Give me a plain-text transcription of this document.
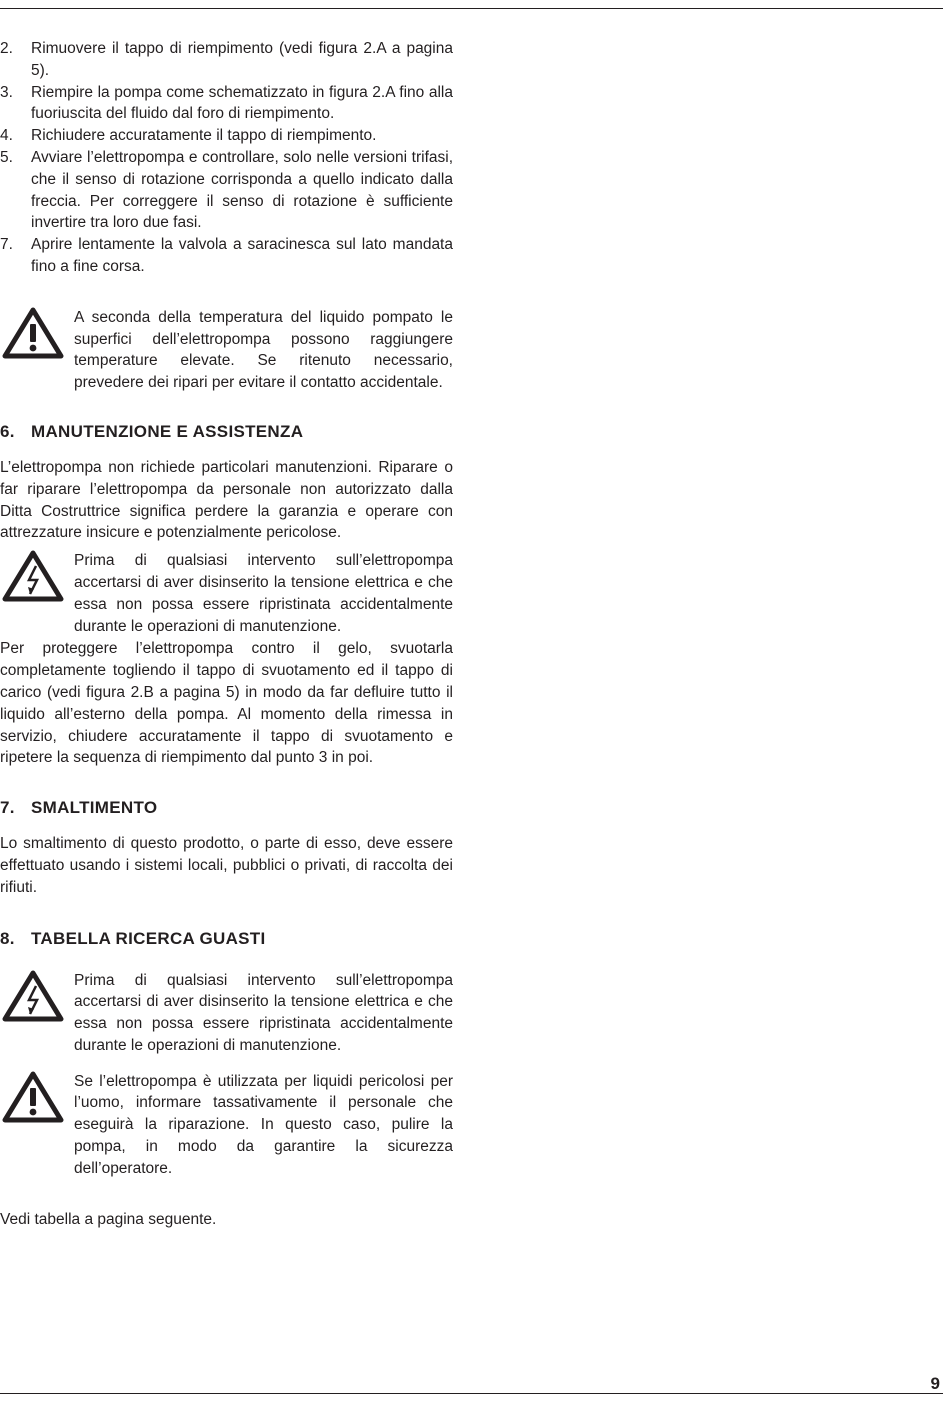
2.	Rimuovere il tappo di riempimento (vedi figura 2.A a pagina 5).
3.	Riempire la pompa come schematizzato in figura 2.A fino alla fuoriuscita del fluido dal foro di riempimento.
4.	Richiudere accuratamente il tappo di riempimento.
5.	Avviare l’elettropompa e controllare, solo nelle versioni trifasi, che il senso di rotazione corrisponda a quello indicato dalla freccia. Per correggere il senso di rotazione è sufficiente invertire tra loro due fasi.
7.	Aprire lentamente la valvola a saracinesca sul lato mandata fino a fine corsa.

A seconda della temperatura del liquido pompato le superfici dell’elettropompa possono raggiungere temperature elevate. Se ritenuto necessario, prevedere dei ripari per evitare il contatto accidentale.

6. MANUTENZIONE E ASSISTENZA

L’elettropompa non richiede particolari manutenzioni. Riparare o far riparare l’elettropompa da personale non autorizzato dalla Ditta Costruttrice significa perdere la garanzia e operare con attrezzature insicure e potenzialmente pericolose.

Prima di qualsiasi intervento sull’elettropompa accertarsi di aver disinserito la tensione elettrica e che essa non possa essere ripristinata accidentalmente durante le operazioni di manutenzione.

Per proteggere l’elettropompa contro il gelo, svuotarla completamente togliendo il tappo di svuotamento ed il tappo di carico (vedi figura 2.B a pagina 5) in modo da far defluire tutto il liquido all’esterno della pompa. Al momento della rimessa in servizio, chiudere accuratamente il tappo di svuotamento e ripetere la sequenza di riempimento dal punto 3 in poi.

7. SMALTIMENTO

Lo smaltimento di questo prodotto, o parte di esso, deve essere effettuato usando i sistemi locali, pubblici o privati, di raccolta dei rifiuti.

8. TABELLA RICERCA GUASTI

Prima di qualsiasi intervento sull’elettropompa accertarsi di aver disinserito la tensione elettrica e che essa non possa essere ripristinata accidentalmente durante le operazioni di manutenzione.

Se l’elettropompa è utilizzata per liquidi pericolosi per l’uomo, informare tassativamente il personale che eseguirà la riparazione. In questo caso, pulire la pompa, in modo da garantire la sicurezza dell’operatore.

Vedi tabella a pagina seguente.

9
